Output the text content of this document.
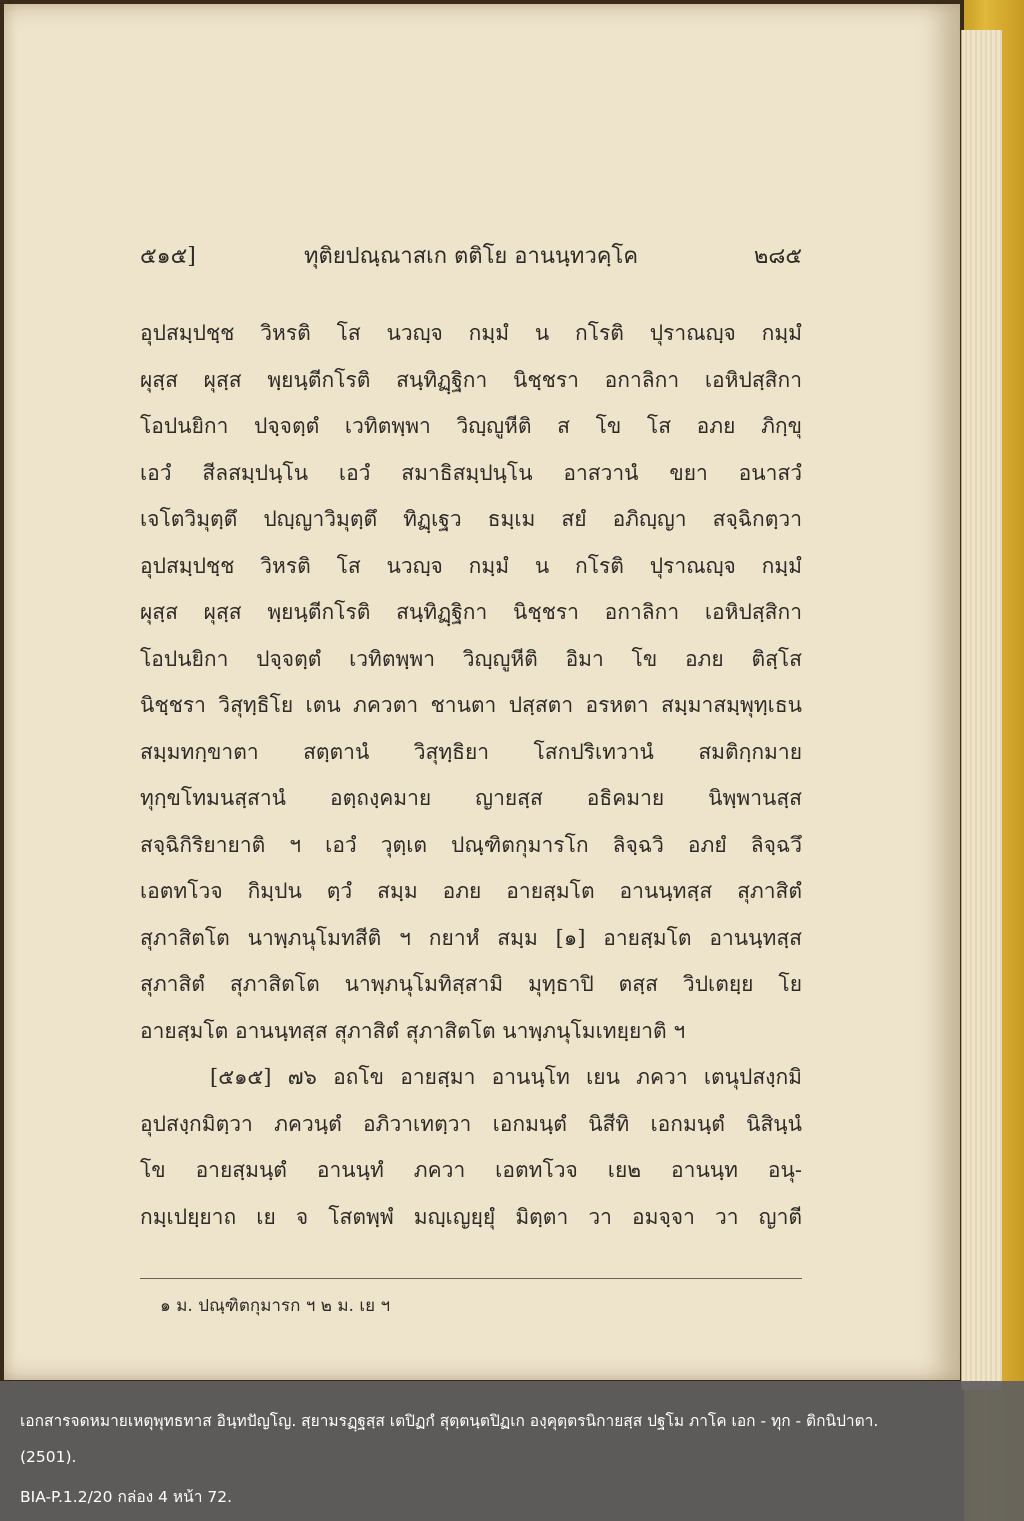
๕๑๕]	ทุติยปณฺณาสเก ตติโย อานนฺทวคฺโค	๒๘๕
อุปสมฺปชฺช วิหรติ โส นวญฺจ กมฺมํ น กโรติ ปุราณญฺจ กมฺมํ
ผุสฺส ผุสฺส พฺยนฺตีกโรติ สนฺทิฏฺฐิกา นิชฺชรา อกาลิกา เอหิปสฺสิกา
โอปนยิกา ปจฺจตฺตํ เวทิตพฺพา วิญฺญูหีติ ส โข โส อภย ภิกฺขุ
เอวํ สีลสมฺปนฺโน เอวํ สมาธิสมฺปนฺโน อาสวานํ ขยา อนาสวํ
เจโตวิมุตฺตึ ปญฺญาวิมุตฺตึ ทิฏฺเฐว ธมฺเม สยํ อภิญฺญา สจฺฉิกตฺวา
อุปสมฺปชฺช วิหรติ โส นวญฺจ กมฺมํ น กโรติ ปุราณญฺจ กมฺมํ
ผุสฺส ผุสฺส พฺยนฺตีกโรติ สนฺทิฏฺฐิกา นิชฺชรา อกาลิกา เอหิปสฺสิกา
โอปนยิกา ปจฺจตฺตํ เวทิตพฺพา วิญฺญูหีติ อิมา โข อภย ติสฺโส
นิชฺชรา วิสุทฺธิโย เตน ภควตา ชานตา ปสฺสตา อรหตา สมฺมาสมฺพุทฺเธน
สมฺมทกฺขาตา สตฺตานํ วิสุทฺธิยา โสกปริเทวานํ สมติกฺกมาย
ทุกฺขโทมนสฺสานํ อตฺถงฺคมาย ญายสฺส อธิคมาย นิพฺพานสฺส
สจฺฉิกิริยายาติ ฯ เอวํ วุตฺเต ปณฺฑิตกุมารโก ลิจฺฉวิ อภยํ ลิจฺฉวึ
เอตทโวจ กิมฺปน ตฺวํ สมฺม อภย อายสฺมโต อานนฺทสฺส สุภาสิตํ
สุภาสิตโต นาพฺภนุโมทสีติ ฯ กยาหํ สมฺม [๑] อายสฺมโต อานนฺทสฺส
สุภาสิตํ สุภาสิตโต นาพฺภนุโมทิสฺสามิ มุทฺธาปิ ตสฺส วิปเตยฺย โย
อายสฺมโต อานนฺทสฺส สุภาสิตํ สุภาสิตโต นาพฺภนุโมเทยฺยาติ ฯ
[๕๑๕] ๗๖ อถโข อายสฺมา อานนฺโท เยน ภควา เตนุปสงฺกมิ
อุปสงฺกมิตฺวา ภควนฺตํ อภิวาเทตฺวา เอกมนฺตํ นิสีทิ เอกมนฺตํ นิสินฺนํ
โข อายสฺมนฺตํ อานนฺทํ ภควา เอตทโวจ เย๒ อานนฺท อนุ-
กมฺเปยฺยาถ เย จ โสตพฺพํ มญฺเญยฺยุํ มิตฺตา วา อมจฺจา วา ญาตี
๑ ม. ปณฺฑิตกุมารก ฯ ๒ ม. เย ฯ
เอกสารจดหมายเหตุพุทธทาส อินฺทปัญโญ. สฺยามรฏฺฐสฺส เตปิฏกํ สุตฺตนฺตปิฏเก องฺคุตฺตรนิกายสฺส ปฐโม ภาโค เอก - ทุก - ติกนิปาตา.
(2501).
BIA-P.1.2/20 กล่อง 4 หน้า 72.
